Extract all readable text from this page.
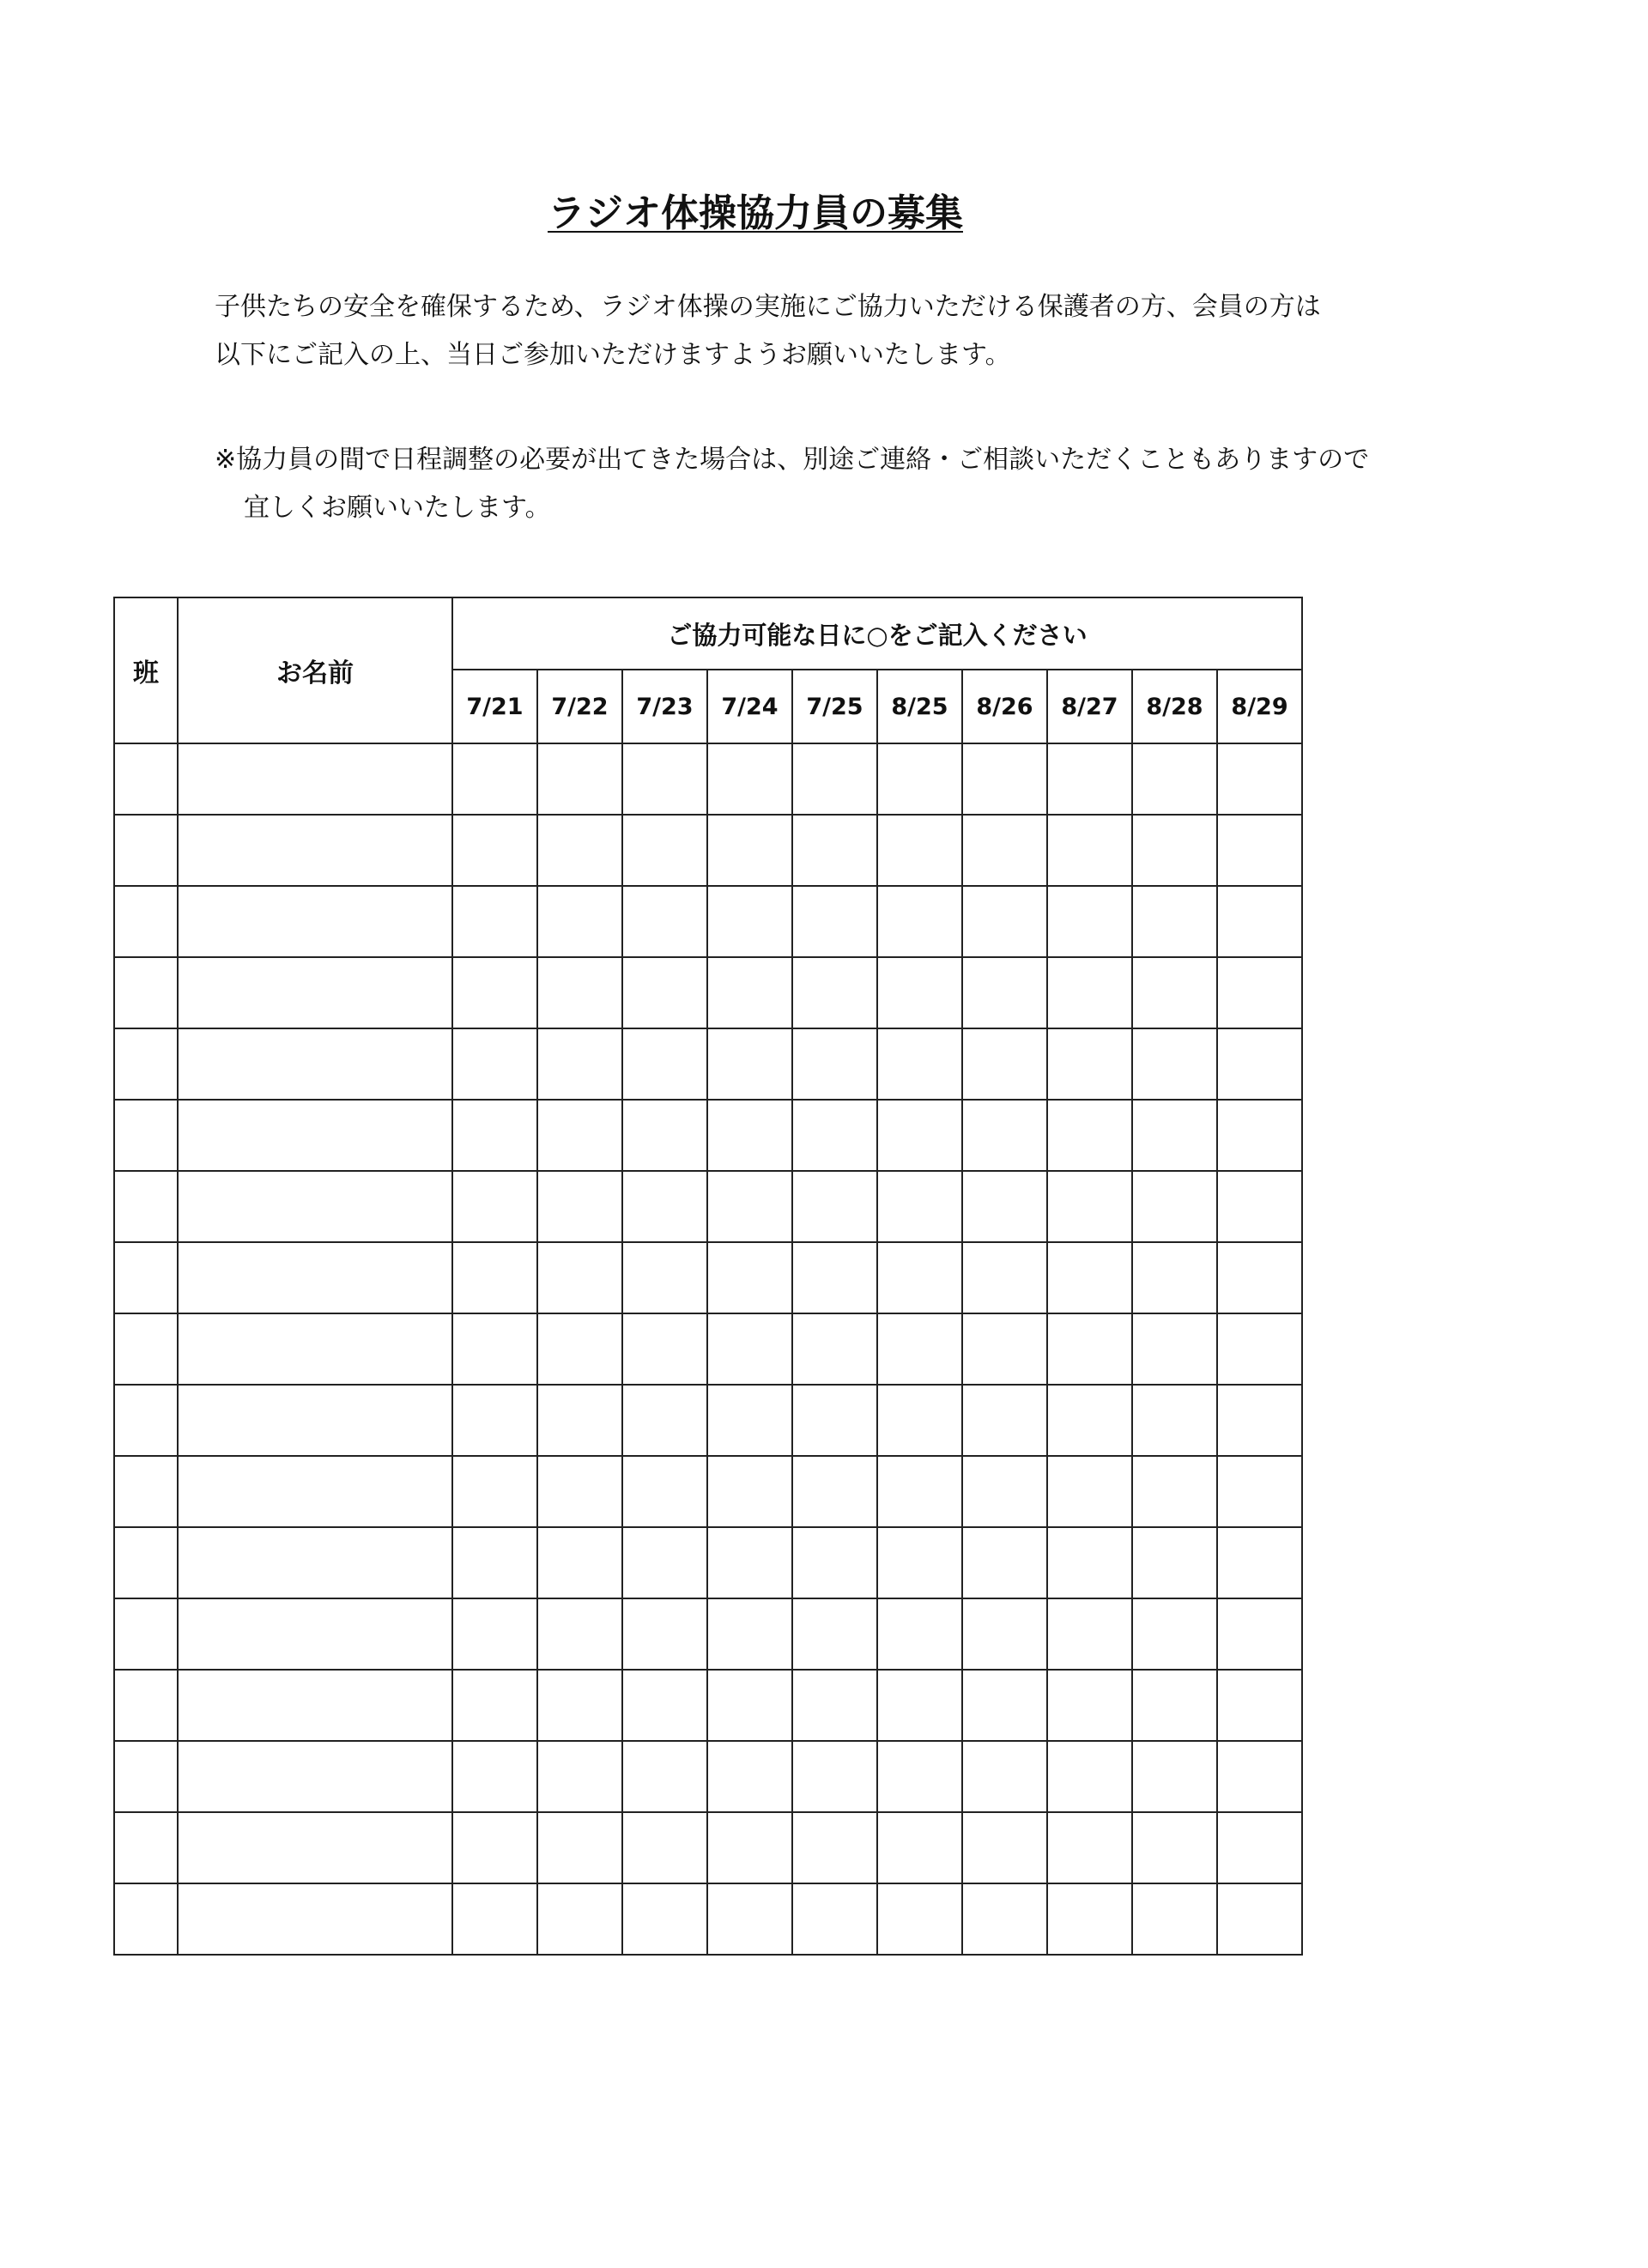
ラジオ体操協力員の募集

子供たちの安全を確保するため、ラジオ体操の実施にご協力いただける保護者の方、会員の方は

以下にご記入の上、当日ご参加いただけますようお願いいたします。

※協力員の間で日程調整の必要が出てきた場合は、別途ご連絡・ご相談いただくこともありますので

宜しくお願いいたします。

班	お名前	ご協力可能な日に○をご記入ください									
		7/21	7/22	7/23	7/24	7/25	8/25	8/26	8/27	8/28	8/29
